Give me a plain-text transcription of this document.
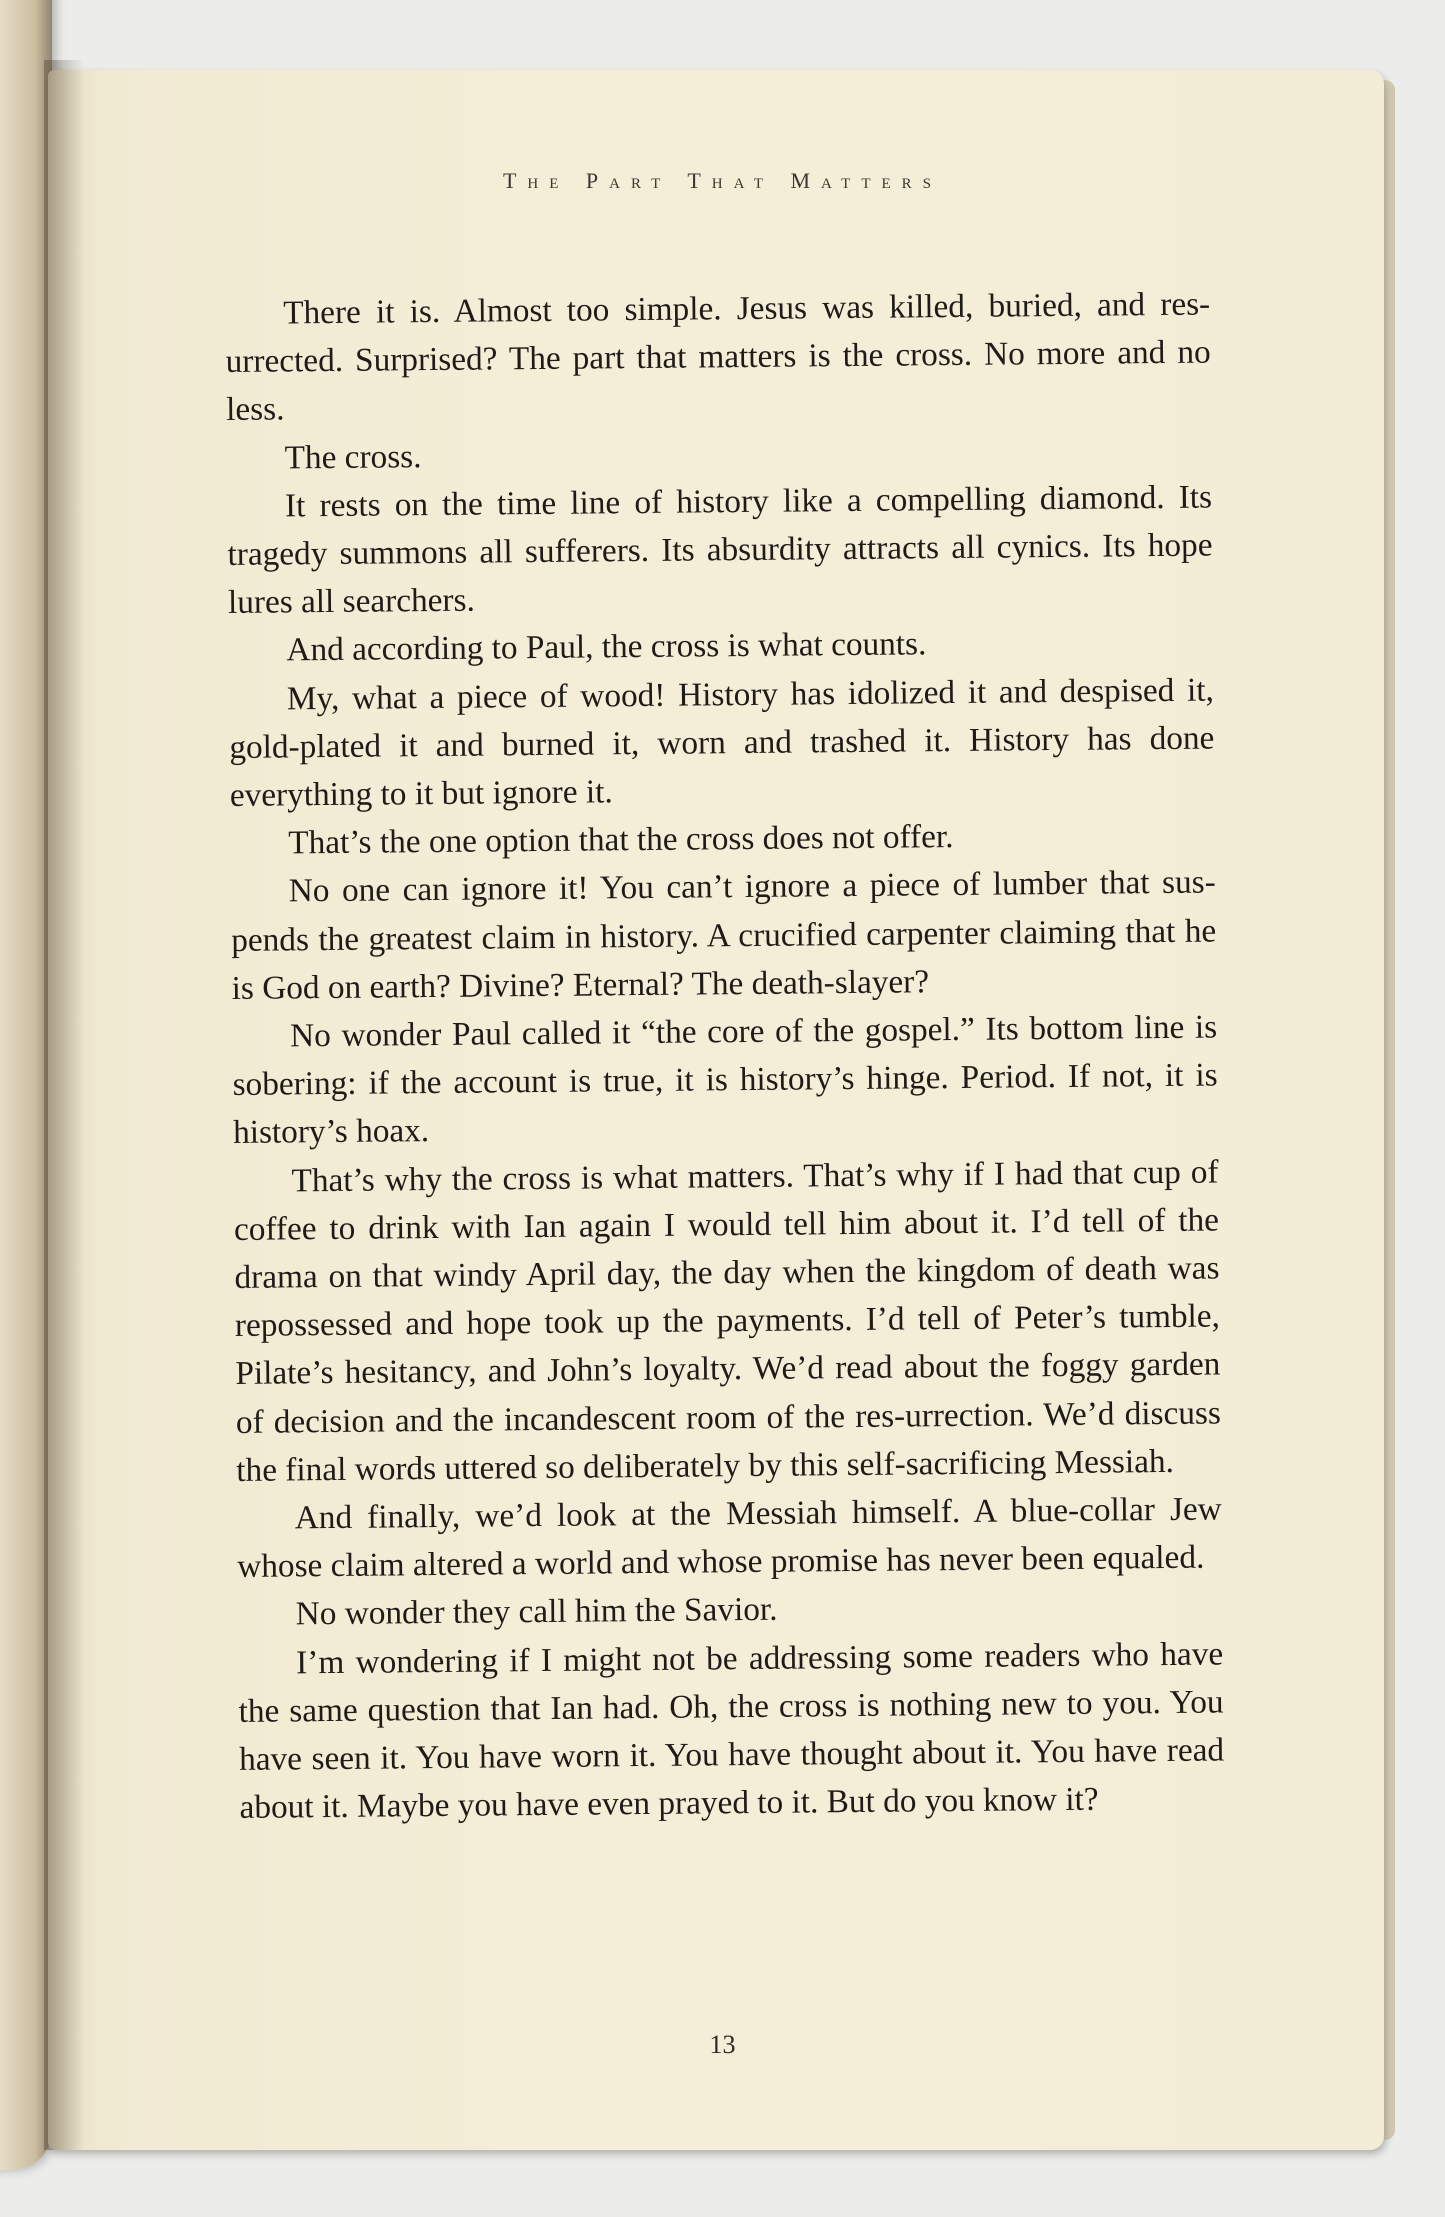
The Part That Matters

There it is. Almost too simple. Jesus was killed, buried, and res-urrected. Surprised? The part that matters is the cross. No more and no less.

The cross.

It rests on the time line of history like a compelling diamond. Its tragedy summons all sufferers. Its absurdity attracts all cynics. Its hope lures all searchers.

And according to Paul, the cross is what counts.

My, what a piece of wood! History has idolized it and despised it, gold-plated it and burned it, worn and trashed it. History has done everything to it but ignore it.

That’s the one option that the cross does not offer.

No one can ignore it! You can’t ignore a piece of lumber that sus-pends the greatest claim in history. A crucified carpenter claiming that he is God on earth? Divine? Eternal? The death-slayer?

No wonder Paul called it “the core of the gospel.” Its bottom line is sobering: if the account is true, it is history’s hinge. Period. If not, it is history’s hoax.

That’s why the cross is what matters. That’s why if I had that cup of coffee to drink with Ian again I would tell him about it. I’d tell of the drama on that windy April day, the day when the kingdom of death was repossessed and hope took up the payments. I’d tell of Peter’s tumble, Pilate’s hesitancy, and John’s loyalty. We’d read about the foggy garden of decision and the incandescent room of the res-urrection. We’d discuss the final words uttered so deliberately by this self-sacrificing Messiah.

And finally, we’d look at the Messiah himself. A blue-collar Jew whose claim altered a world and whose promise has never been equaled.

No wonder they call him the Savior.

I’m wondering if I might not be addressing some readers who have the same question that Ian had. Oh, the cross is nothing new to you. You have seen it. You have worn it. You have thought about it. You have read about it. Maybe you have even prayed to it. But do you know it?

13
